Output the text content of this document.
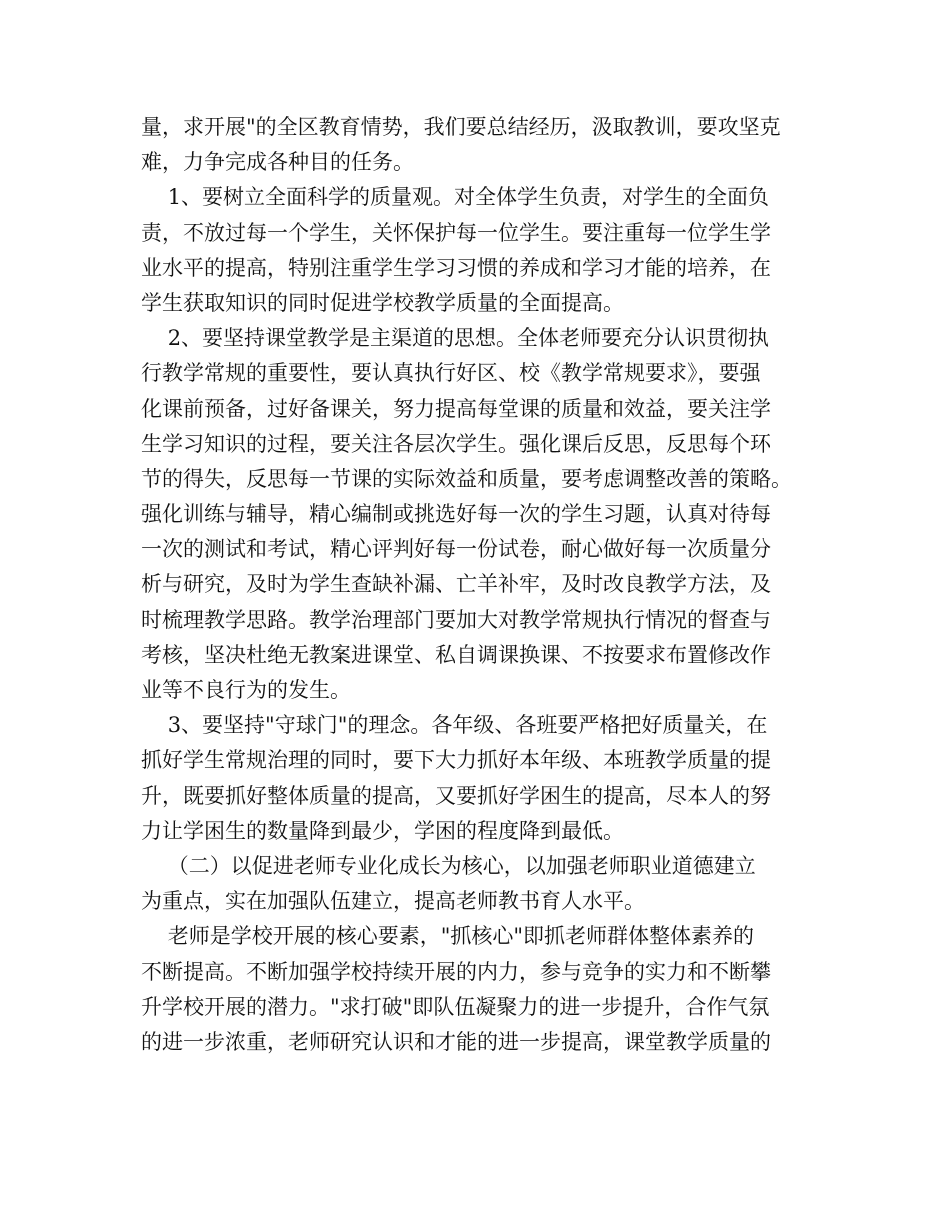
量，求开展"的全区教育情势，我们要总结经历，汲取教训，要攻坚克
难，力争完成各种目的任务。
1、要树立全面科学的质量观。对全体学生负责，对学生的全面负
责，不放过每一个学生，关怀保护每一位学生。要注重每一位学生学
业水平的提高，特别注重学生学习习惯的养成和学习才能的培养，在
学生获取知识的同时促进学校教学质量的全面提高。
2、要坚持课堂教学是主渠道的思想。全体老师要充分认识贯彻执
行教学常规的重要性，要认真执行好区、校《教学常规要求》，要强
化课前预备，过好备课关，努力提高每堂课的质量和效益，要关注学
生学习知识的过程，要关注各层次学生。强化课后反思，反思每个环
节的得失，反思每一节课的实际效益和质量，要考虑调整改善的策略。
强化训练与辅导，精心编制或挑选好每一次的学生习题，认真对待每
一次的测试和考试，精心评判好每一份试卷，耐心做好每一次质量分
析与研究，及时为学生查缺补漏、亡羊补牢，及时改良教学方法，及
时梳理教学思路。教学治理部门要加大对教学常规执行情况的督查与
考核，坚决杜绝无教案进课堂、私自调课换课、不按要求布置修改作
业等不良行为的发生。
3、要坚持"守球门"的理念。各年级、各班要严格把好质量关，在
抓好学生常规治理的同时，要下大力抓好本年级、本班教学质量的提
升，既要抓好整体质量的提高，又要抓好学困生的提高，尽本人的努
力让学困生的数量降到最少，学困的程度降到最低。
（二）以促进老师专业化成长为核心，以加强老师职业道德建立
为重点，实在加强队伍建立，提高老师教书育人水平。
老师是学校开展的核心要素，"抓核心"即抓老师群体整体素养的
不断提高。不断加强学校持续开展的内力，参与竞争的实力和不断攀
升学校开展的潜力。"求打破"即队伍凝聚力的进一步提升，合作气氛
的进一步浓重，老师研究认识和才能的进一步提高，课堂教学质量的
